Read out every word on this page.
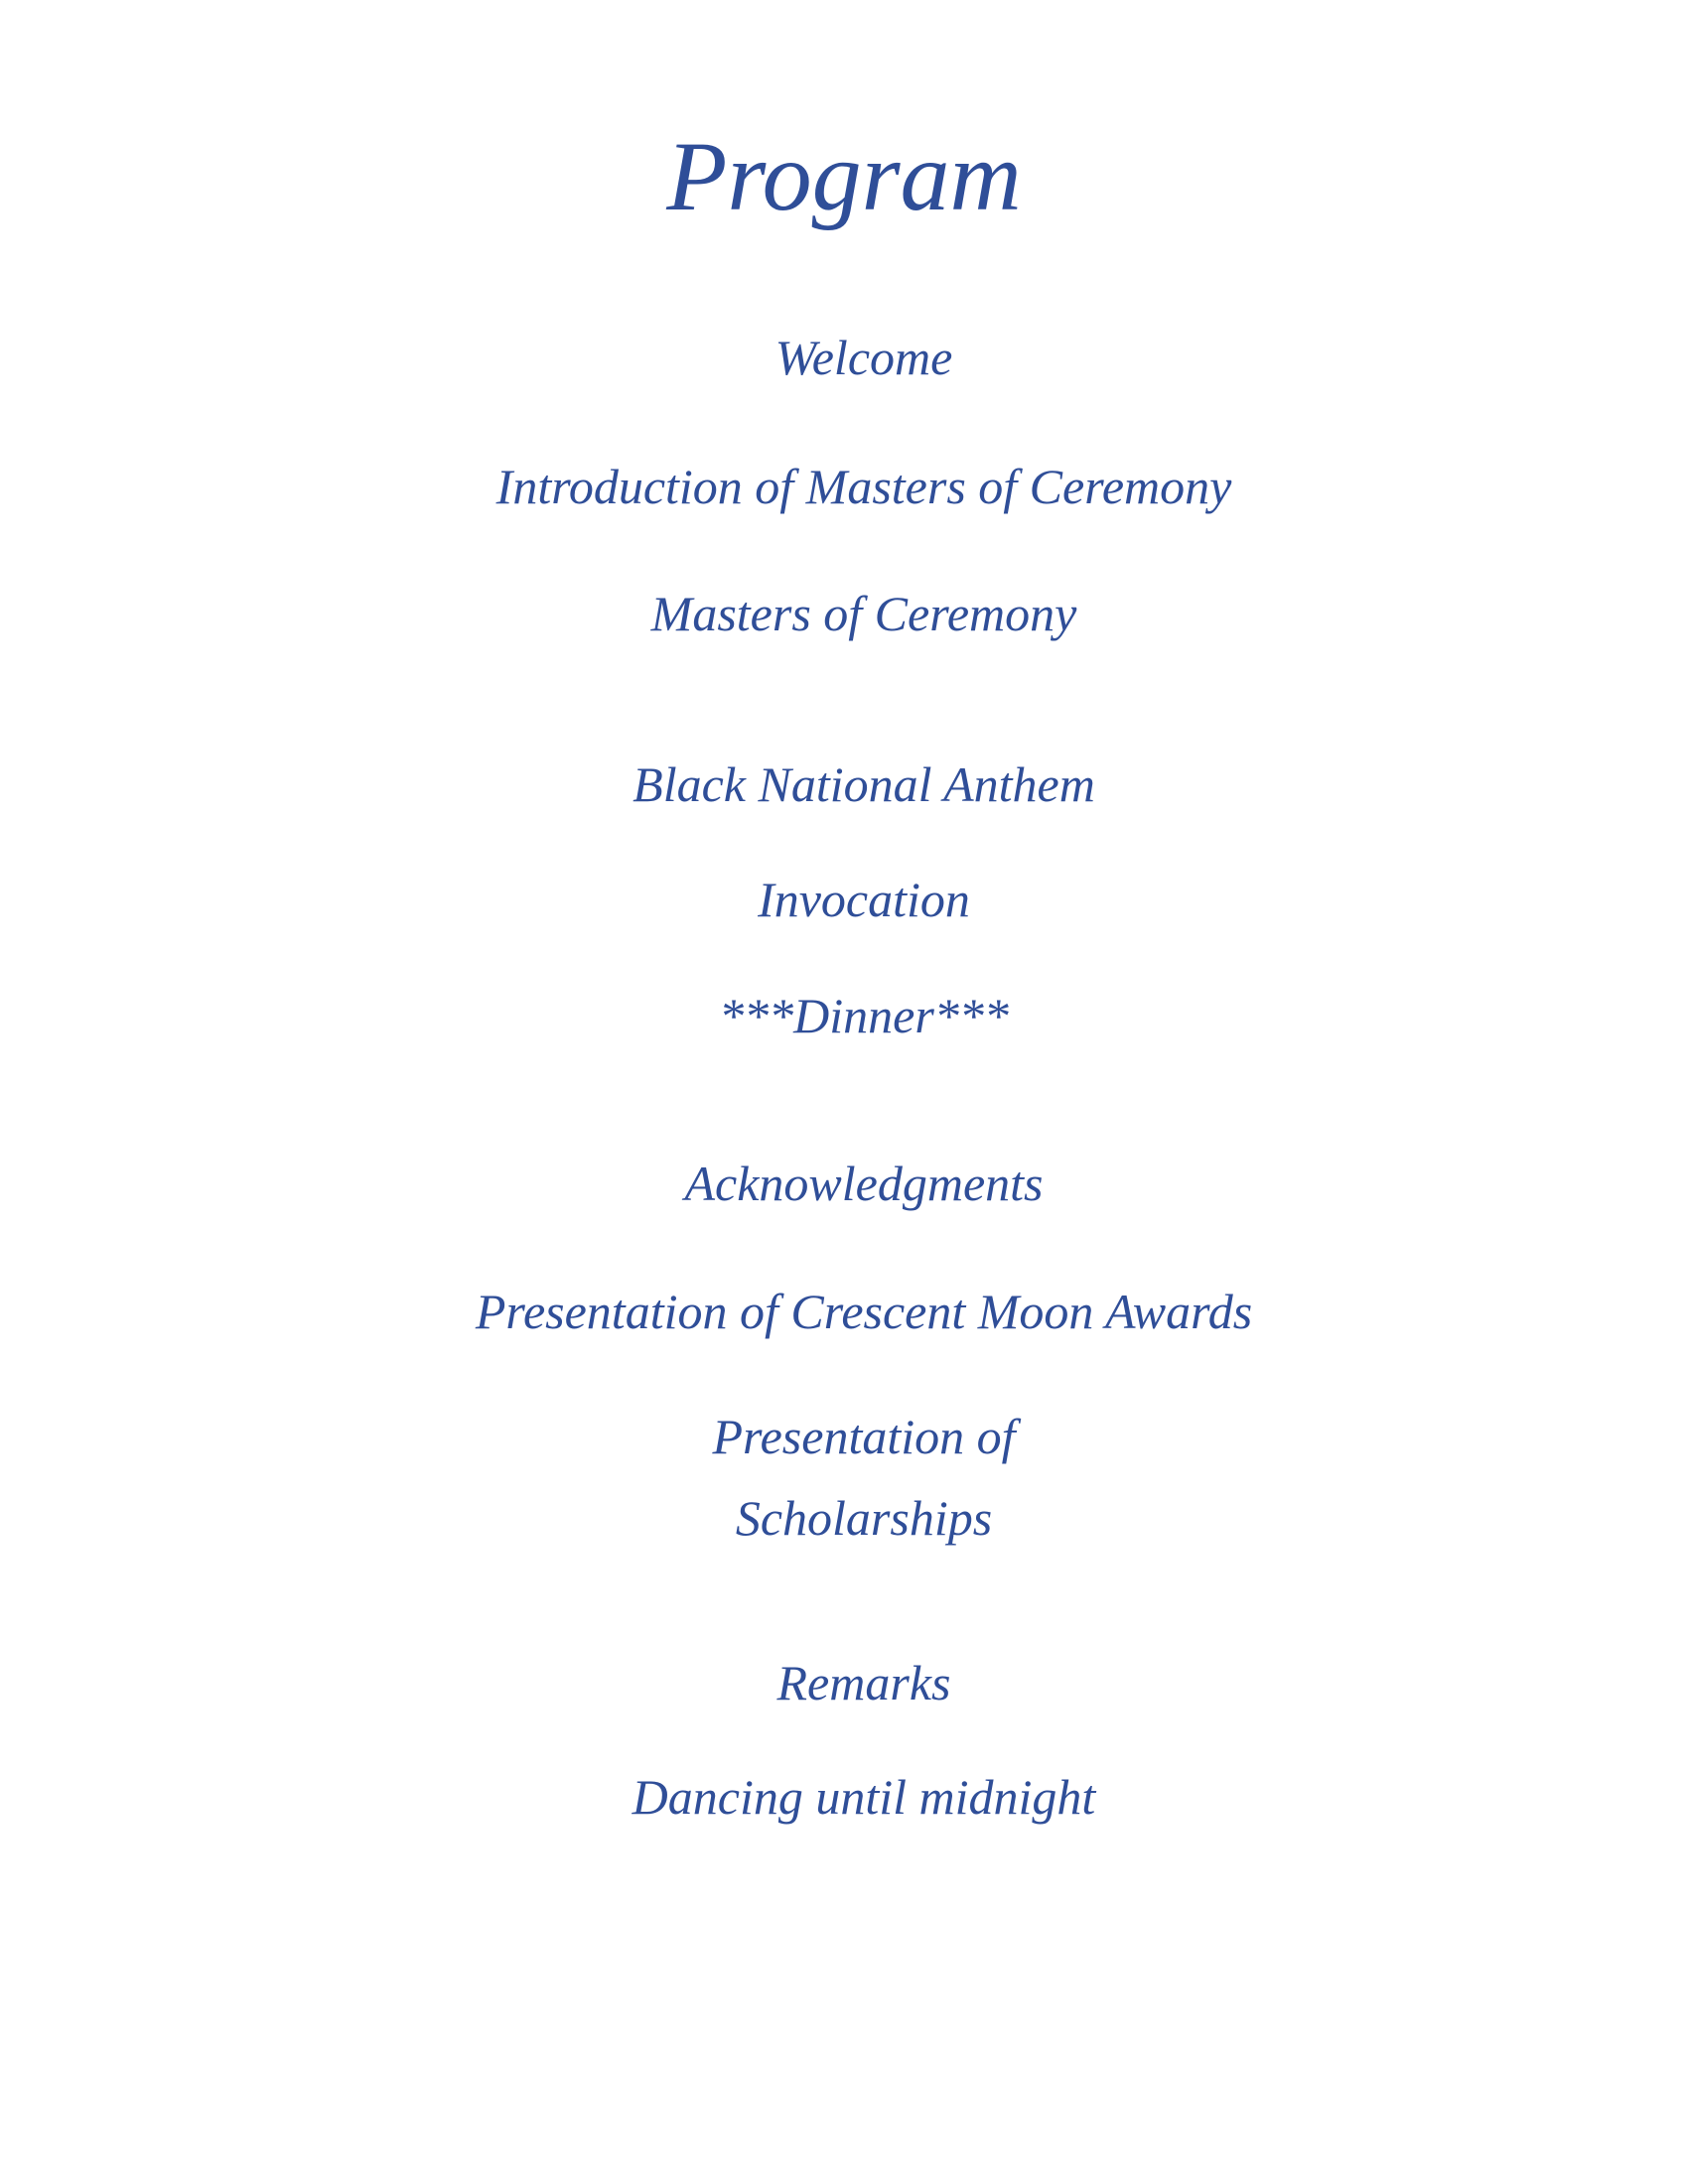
Program
Welcome
Introduction of Masters of Ceremony
Masters of Ceremony
Black National Anthem
Invocation
***Dinner***
Acknowledgments
Presentation of Crescent Moon Awards
Presentation of
Scholarships
Remarks
Dancing until midnight
